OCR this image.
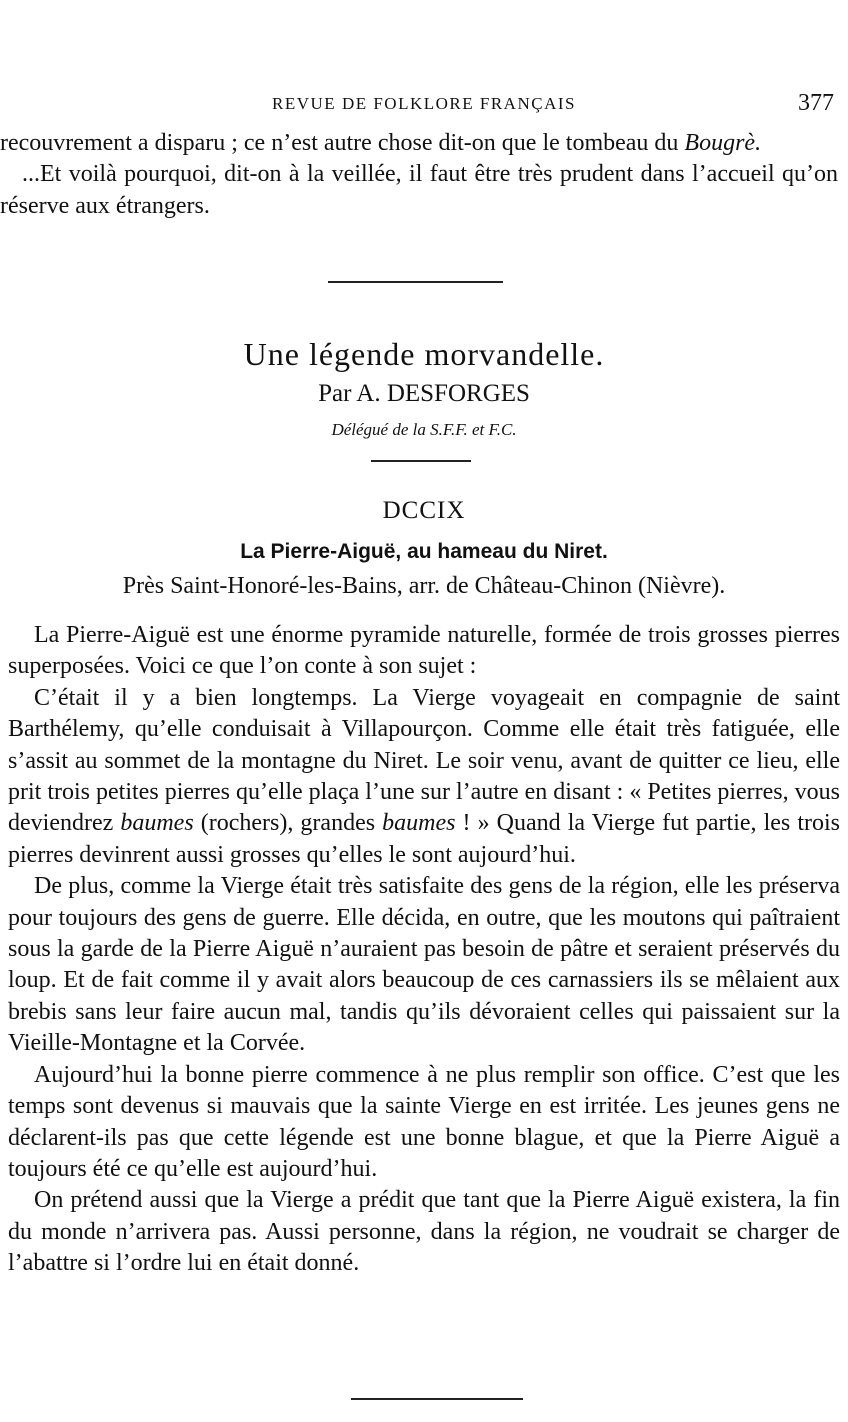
REVUE DE FOLKLORE FRANÇAIS	377

recouvrement a disparu ; ce n’est autre chose dit-on que le tombeau du Bougrè.

...Et voilà pourquoi, dit-on à la veillée, il faut être très prudent dans l’accueil qu’on réserve aux étrangers.

Une légende morvandelle.
Par A. DESFORGES
Délégué de la S.F.F. et F.C.
DCCIX
La Pierre-Aiguë, au hameau du Niret.
Près Saint-Honoré-les-Bains, arr. de Château-Chinon (Nièvre).

La Pierre-Aiguë est une énorme pyramide naturelle, formée de trois grosses pierres superposées. Voici ce que l’on conte à son sujet :

C’était il y a bien longtemps. La Vierge voyageait en compagnie de saint Barthélemy, qu’elle conduisait à Villapourçon. Comme elle était très fatiguée, elle s’assit au sommet de la montagne du Niret. Le soir venu, avant de quitter ce lieu, elle prit trois petites pierres qu’elle plaça l’une sur l’autre en disant : « Petites pierres, vous deviendrez baumes (rochers), grandes baumes ! » Quand la Vierge fut partie, les trois pierres devinrent aussi grosses qu’elles le sont aujourd’hui.

De plus, comme la Vierge était très satisfaite des gens de la région, elle les préserva pour toujours des gens de guerre. Elle décida, en outre, que les moutons qui paîtraient sous la garde de la Pierre Aiguë n’auraient pas besoin de pâtre et seraient préservés du loup. Et de fait comme il y avait alors beaucoup de ces carnassiers ils se mêlaient aux brebis sans leur faire aucun mal, tandis qu’ils dévoraient celles qui paissaient sur la Vieille-Montagne et la Corvée.

Aujourd’hui la bonne pierre commence à ne plus remplir son office. C’est que les temps sont devenus si mauvais que la sainte Vierge en est irritée. Les jeunes gens ne déclarent-ils pas que cette légende est une bonne blague, et que la Pierre Aiguë a toujours été ce qu’elle est aujourd’hui.

On prétend aussi que la Vierge a prédit que tant que la Pierre Aiguë existera, la fin du monde n’arrivera pas. Aussi personne, dans la région, ne voudrait se charger de l’abattre si l’ordre lui en était donné.
